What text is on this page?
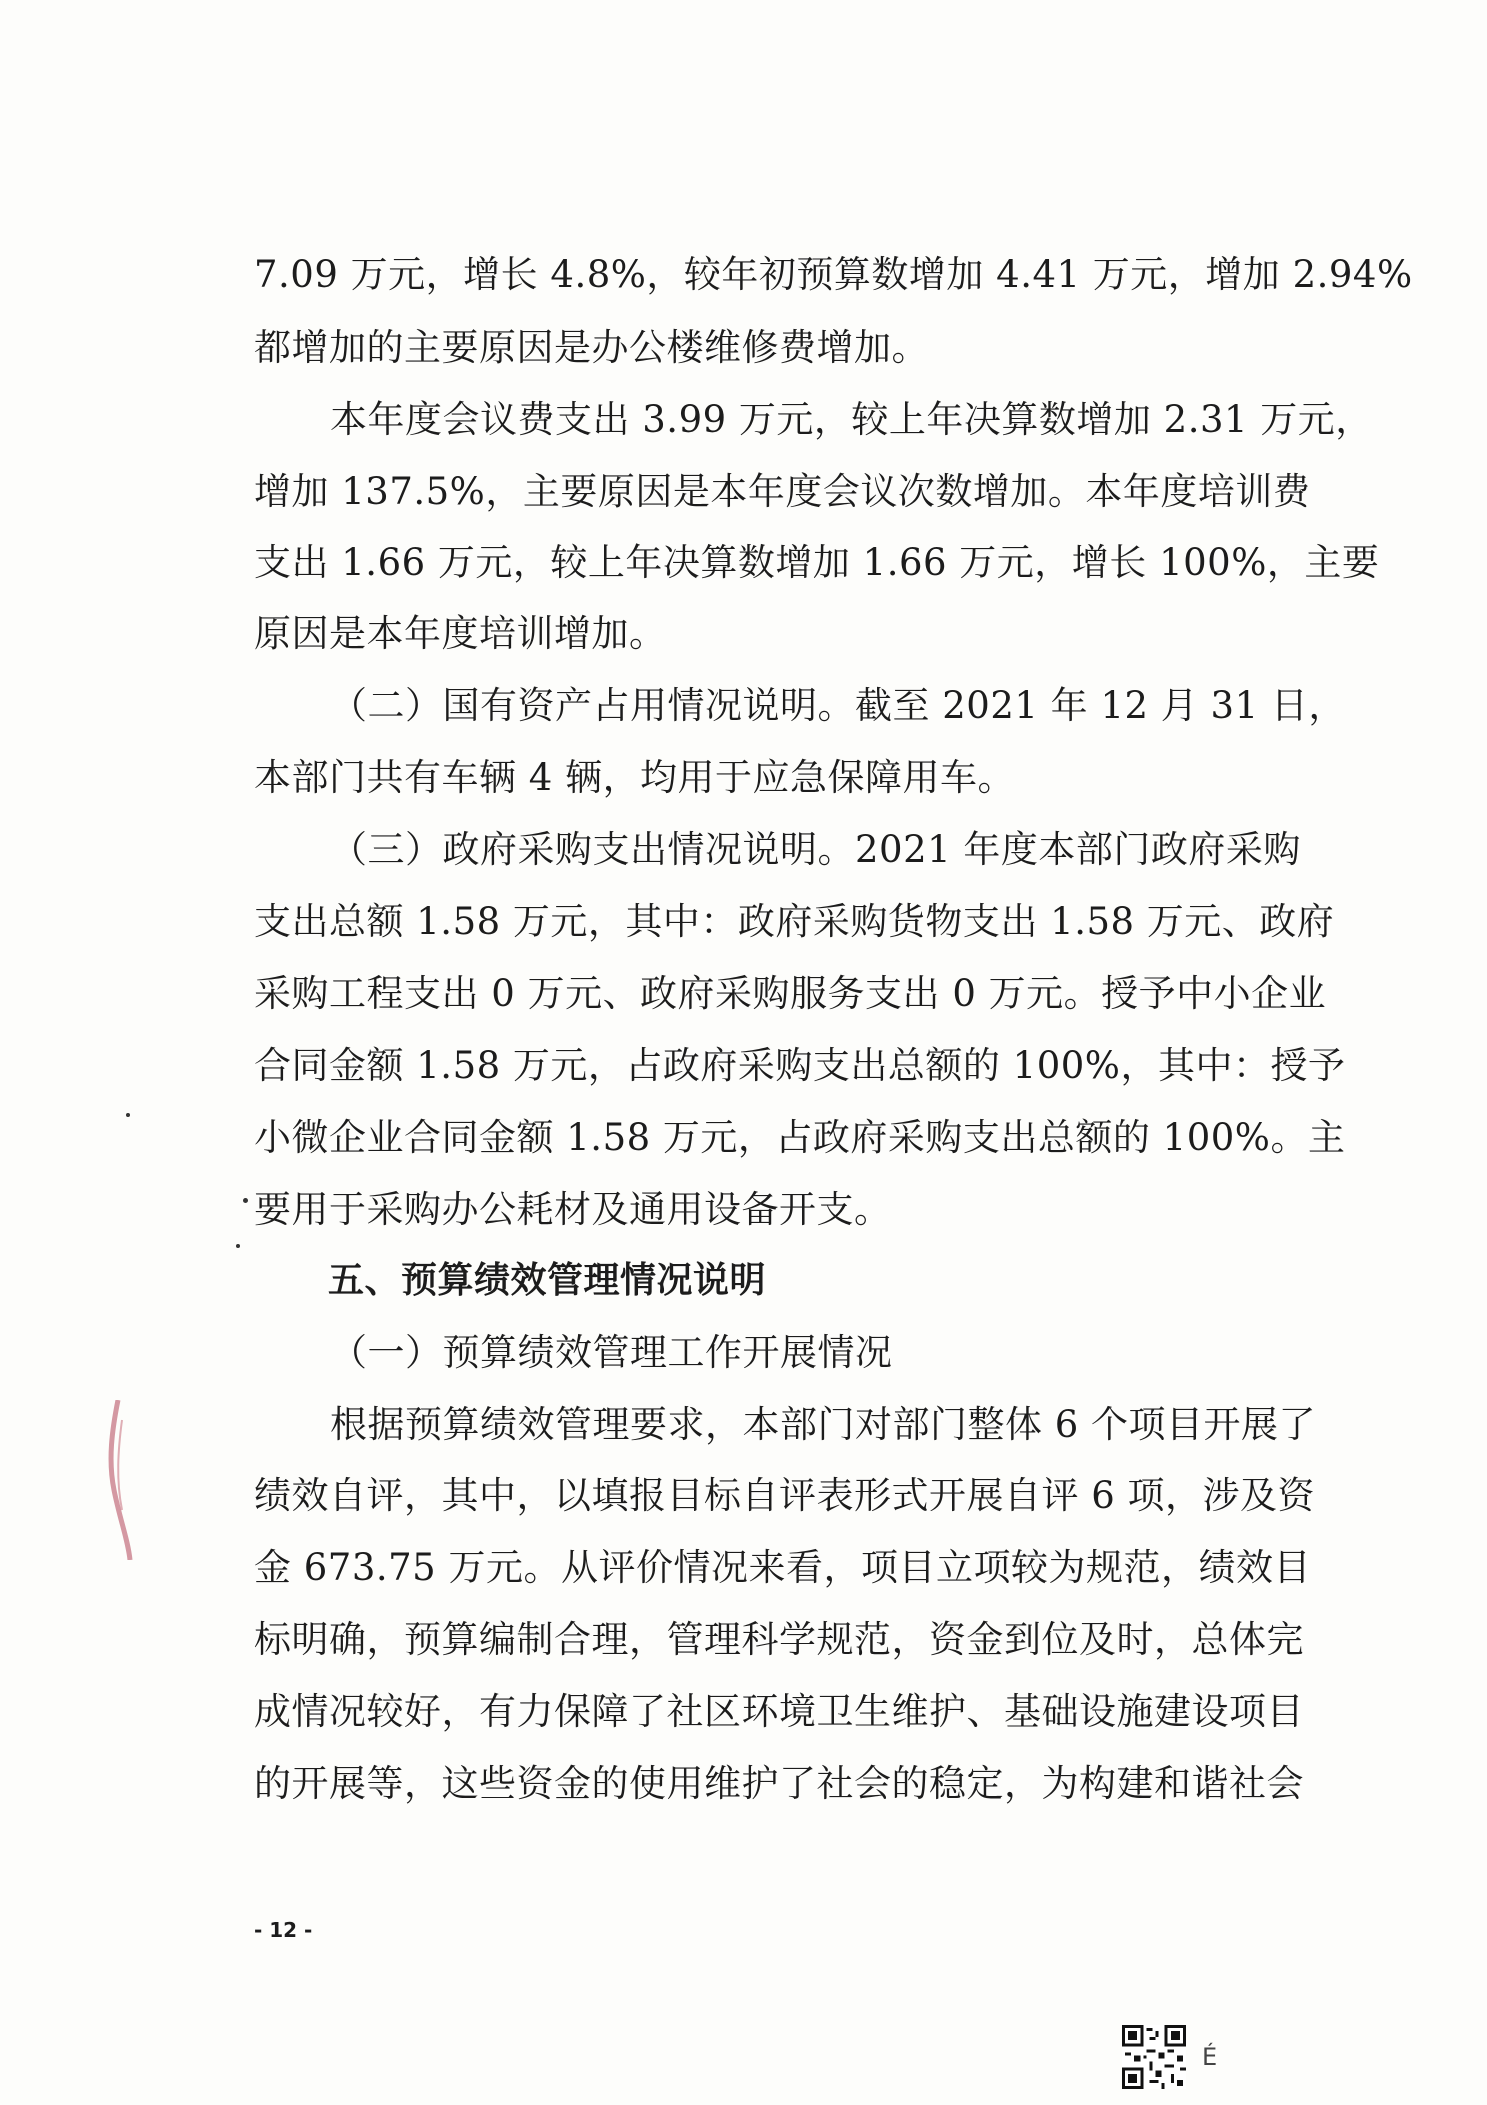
7.09 万元，增长 4.8%，较年初预算数增加 4.41 万元，增加 2.94%
都增加的主要原因是办公楼维修费增加。
本年度会议费支出 3.99 万元，较上年决算数增加 2.31 万元，
增加 137.5%，主要原因是本年度会议次数增加。本年度培训费
支出 1.66 万元，较上年决算数增加 1.66 万元，增长 100%，主要
原因是本年度培训增加。
（二）国有资产占用情况说明。截至 2021 年 12 月 31 日，
本部门共有车辆 4 辆，均用于应急保障用车。
（三）政府采购支出情况说明。2021 年度本部门政府采购
支出总额 1.58 万元，其中：政府采购货物支出 1.58 万元、政府
采购工程支出 0 万元、政府采购服务支出 0 万元。授予中小企业
合同金额 1.58 万元，占政府采购支出总额的 100%，其中：授予
小微企业合同金额 1.58 万元，占政府采购支出总额的 100%。主
要用于采购办公耗材及通用设备开支。
五、预算绩效管理情况说明
（一）预算绩效管理工作开展情况
根据预算绩效管理要求，本部门对部门整体 6 个项目开展了
绩效自评，其中，以填报目标自评表形式开展自评 6 项，涉及资
金 673.75 万元。从评价情况来看，项目立项较为规范，绩效目
标明确，预算编制合理，管理科学规范，资金到位及时，总体完
成情况较好，有力保障了社区环境卫生维护、基础设施建设项目
的开展等，这些资金的使用维护了社会的稳定，为构建和谐社会
- 12 -
É
